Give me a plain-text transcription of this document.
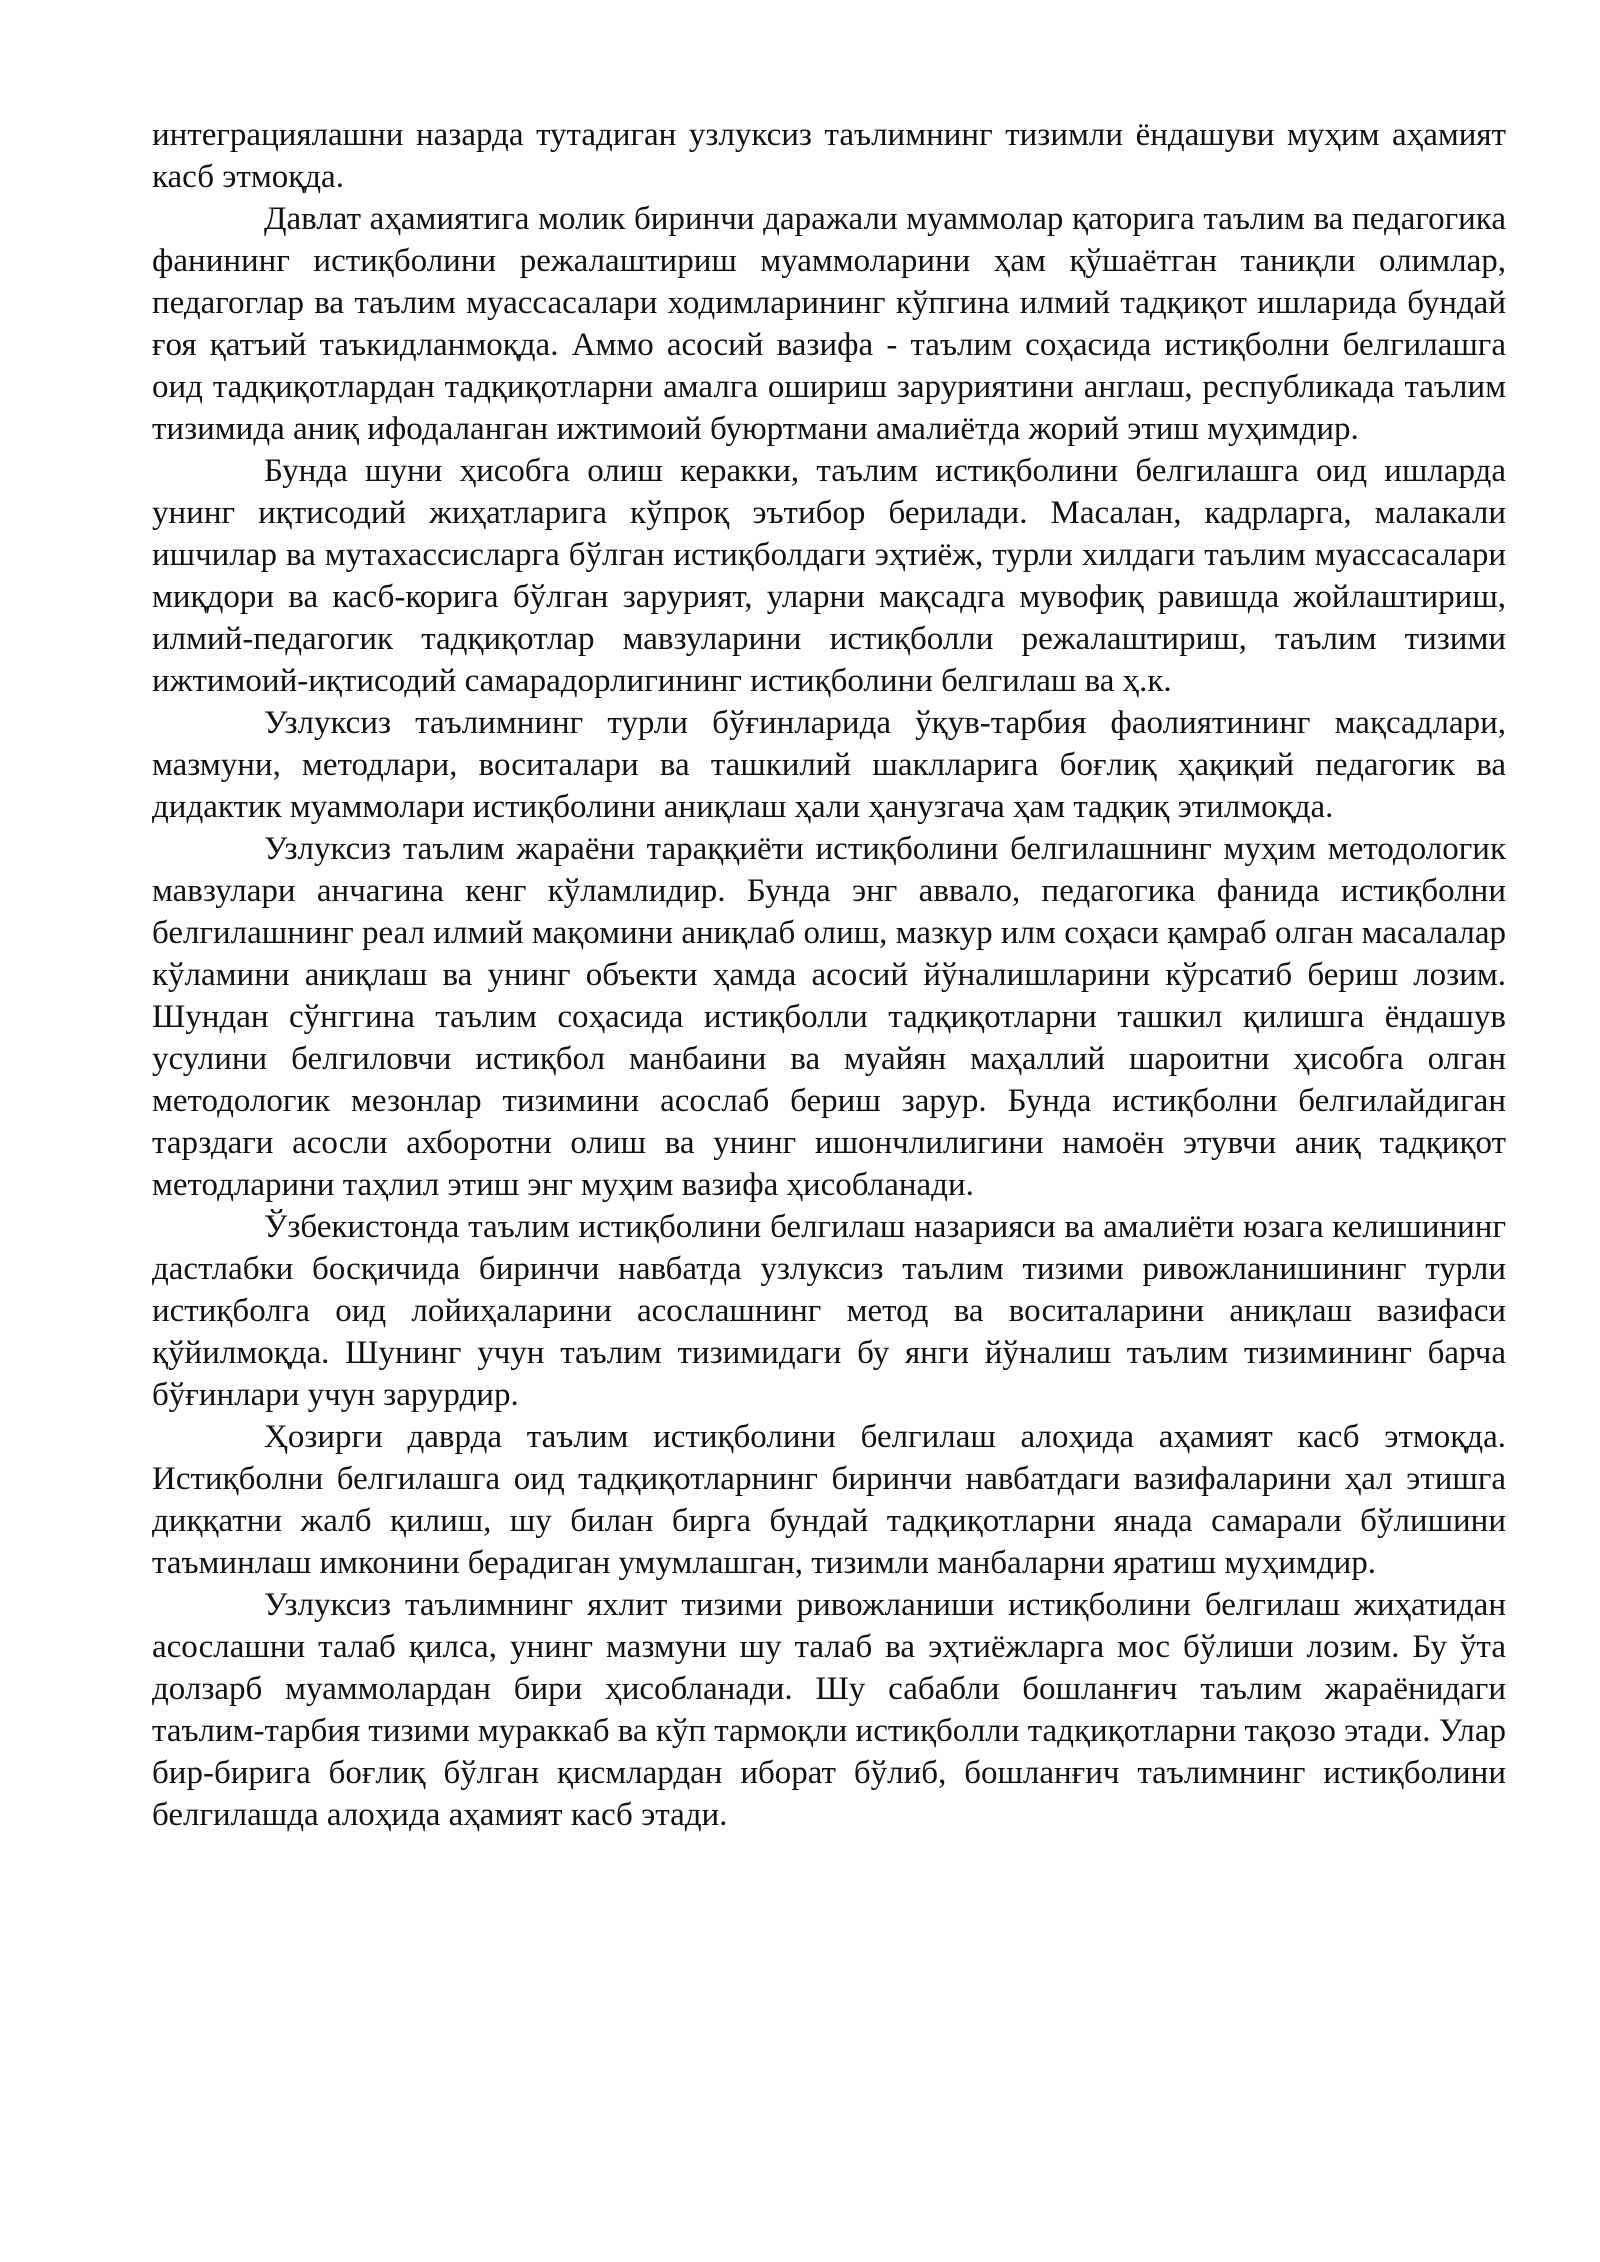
интеграциялашни назарда тутадиган узлуксиз таълимнинг тизимли ёндашуви муҳим аҳамият касб этмоқда.

Давлат аҳамиятига молик биринчи даражали муаммолар қаторига таълим ва педагогика фанининг истиқболини режалаштириш муаммоларини ҳам қўшаётган таниқли олимлар, педагоглар ва таълим муассасалари ходимларининг кўпгина илмий тадқиқот ишларида бундай ғоя қатъий таъкидланмоқда. Аммо асосий вазифа - таълим соҳасида истиқболни белгилашга оид тадқиқотлардан тадқиқотларни амалга ошириш заруриятини англаш, республикада таълим тизимида аниқ ифодаланган ижтимоий буюртмани амалиётда жорий этиш муҳимдир.

Бунда шуни ҳисобга олиш керакки, таълим истиқболини белгилашга оид ишларда унинг иқтисодий жиҳатларига кўпроқ эътибор берилади. Масалан, кадрларга, малакали ишчилар ва мутахассисларга бўлган истиқболдаги эҳтиёж, турли хилдаги таълим муассасалари миқдори ва касб-корига бўлган зарурият, уларни мақсадга мувофиқ равишда жойлаштириш, илмий-педагогик тадқиқотлар мавзуларини истиқболли режалаштириш, таълим тизими ижтимоий-иқтисодий самарадорлигининг истиқболини белгилаш ва ҳ.к.

Узлуксиз таълимнинг турли бўғинларида ўқув-тарбия фаолиятининг мақсадлари, мазмуни, методлари, воситалари ва ташкилий шаклларига боғлиқ ҳақиқий педагогик ва дидактик муаммолари истиқболини аниқлаш ҳали ҳанузгача ҳам тадқиқ этилмоқда.

Узлуксиз таълим жараёни тараққиёти истиқболини белгилашнинг муҳим методологик мавзулари анчагина кенг кўламлидир. Бунда энг аввало, педагогика фанида истиқболни белгилашнинг реал илмий мақомини аниқлаб олиш, мазкур илм соҳаси қамраб олган масалалар кўламини аниқлаш ва унинг объекти ҳамда асосий йўналишларини кўрсатиб бериш лозим. Шундан сўнггина таълим соҳасида истиқболли тадқиқотларни ташкил қилишга ёндашув усулини белгиловчи истиқбол манбаини ва муайян маҳаллий шароитни ҳисобга олган методологик мезонлар тизимини асослаб бериш зарур. Бунда истиқболни белгилайдиган тарздаги асосли ахборотни олиш ва унинг ишончлилигини намоён этувчи аниқ тадқиқот методларини таҳлил этиш энг муҳим вазифа ҳисобланади.

Ўзбекистонда таълим истиқболини белгилаш назарияси ва амалиёти юзага келишининг дастлабки босқичида биринчи навбатда узлуксиз таълим тизими ривожланишининг турли истиқболга оид лойиҳаларини асослашнинг метод ва воситаларини аниқлаш вазифаси қўйилмоқда. Шунинг учун таълим тизимидаги бу янги йўналиш таълим тизимининг барча бўғинлари учун зарурдир.

Ҳозирги даврда таълим истиқболини белгилаш алоҳида аҳамият касб этмоқда. Истиқболни белгилашга оид тадқиқотларнинг биринчи навбатдаги вазифаларини ҳал этишга диққатни жалб қилиш, шу билан бирга бундай тадқиқотларни янада самарали бўлишини таъминлаш имконини берадиган умумлашган, тизимли манбаларни яратиш муҳимдир.

Узлуксиз таълимнинг яхлит тизими ривожланиши истиқболини белгилаш жиҳатидан асослашни талаб қилса, унинг мазмуни шу талаб ва эҳтиёжларга мос бўлиши лозим. Бу ўта долзарб муаммолардан бири ҳисобланади. Шу сабабли бошланғич таълим жараёнидаги таълим-тарбия тизими мураккаб ва кўп тармоқли истиқболли тадқиқотларни тақозо этади. Улар бир-бирига боғлиқ бўлган қисмлардан иборат бўлиб, бошланғич таълимнинг истиқболини белгилашда алоҳида аҳамият касб этади.
